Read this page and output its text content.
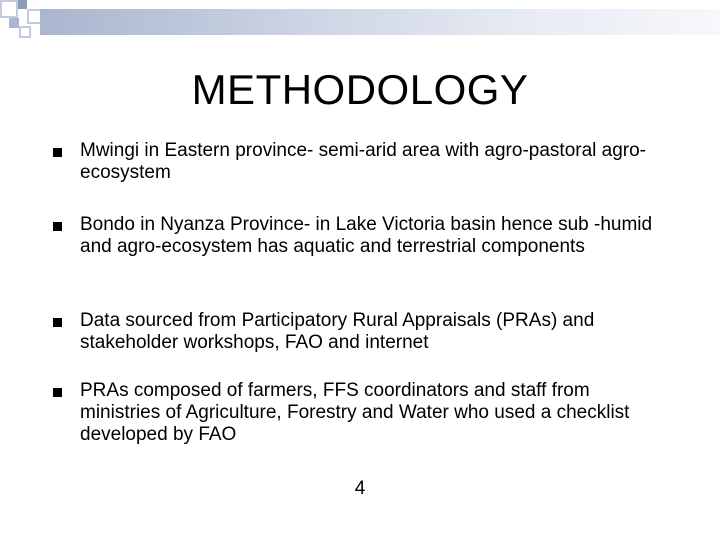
METHODOLOGY
Mwingi in Eastern province- semi-arid area with agro-pastoral agro-ecosystem
Bondo in Nyanza Province- in Lake Victoria basin hence sub -humid and agro-ecosystem has aquatic and terrestrial components
Data sourced from Participatory Rural Appraisals (PRAs) and stakeholder workshops, FAO and internet
PRAs composed of farmers, FFS coordinators and staff from ministries of Agriculture, Forestry and Water who used a checklist developed by FAO
4
